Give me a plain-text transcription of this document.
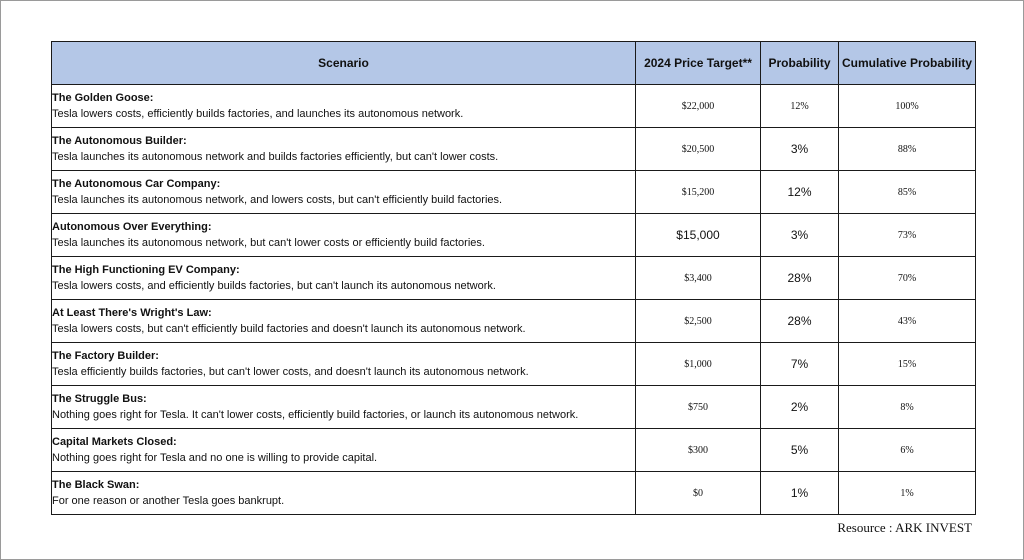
Scenario	2024 Price Target**	Probability	Cumulative Probability

The Golden Goose:
Tesla lowers costs, efficiently builds factories, and launches its autonomous network.	$22,000	12%	100%

The Autonomous Builder:
Tesla launches its autonomous network and builds factories efficiently, but can't lower costs.	$20,500	3%	88%

The Autonomous Car Company:
Tesla launches its autonomous network, and lowers costs, but can't efficiently build factories.	$15,200	12%	85%

Autonomous Over Everything:
Tesla launches its autonomous network, but can't lower costs or efficiently build factories.	$15,000	3%	73%

The High Functioning EV Company:
Tesla lowers costs, and efficiently builds factories, but can't launch its autonomous network.	$3,400	28%	70%

At Least There's Wright's Law:
Tesla lowers costs, but can't efficiently build factories and doesn't launch its autonomous network.	$2,500	28%	43%

The Factory Builder:
Tesla efficiently builds factories, but can't lower costs, and doesn't launch its autonomous network.	$1,000	7%	15%

The Struggle Bus:
Nothing goes right for Tesla. It can't lower costs, efficiently build factories, or launch its autonomous network.	$750	2%	8%

Capital Markets Closed:
Nothing goes right for Tesla and no one is willing to provide capital.	$300	5%	6%

The Black Swan:
For one reason or another Tesla goes bankrupt.	$0	1%	1%
Resource : ARK INVEST
